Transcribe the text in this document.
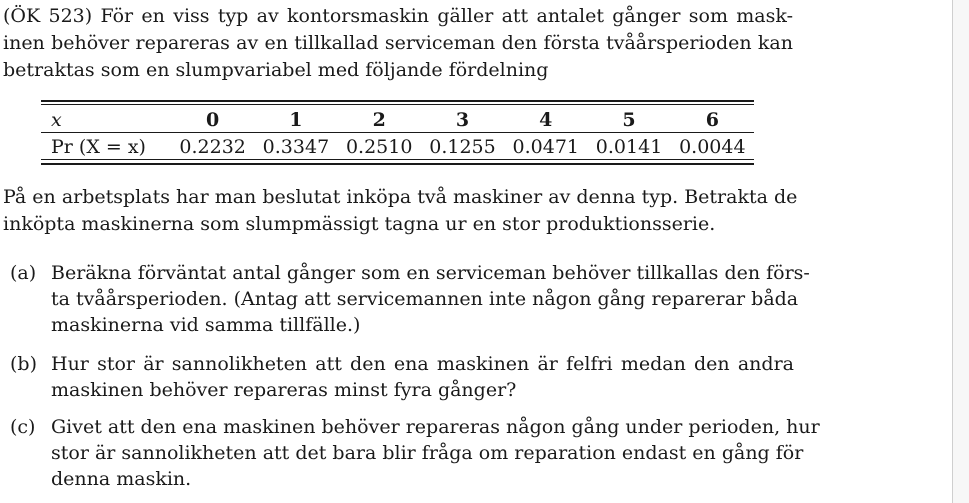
(ÖK 523) För en viss typ av kontorsmaskin gäller att antalet gånger som mask-
inen behöver repareras av en tillkallad serviceman den första tvåårsperioden kan
betraktas som en slumpvariabel med följande fördelning
x	0	1	2	3	4	5	6
Pr (X = x)	0.2232	0.3347	0.2510	0.1255	0.0471	0.0141	0.0044
På en arbetsplats har man beslutat inköpa två maskiner av denna typ. Betrakta de
inköpta maskinerna som slumpmässigt tagna ur en stor produktionsserie.
(a) Beräkna förväntat antal gånger som en serviceman behöver tillkallas den förs-
ta tvåårsperioden. (Antag att servicemannen inte någon gång reparerar båda
maskinerna vid samma tillfälle.)
(b) Hur stor är sannolikheten att den ena maskinen är felfri medan den andra
maskinen behöver repareras minst fyra gånger?
(c) Givet att den ena maskinen behöver repareras någon gång under perioden, hur
stor är sannolikheten att det bara blir fråga om reparation endast en gång för
denna maskin.
